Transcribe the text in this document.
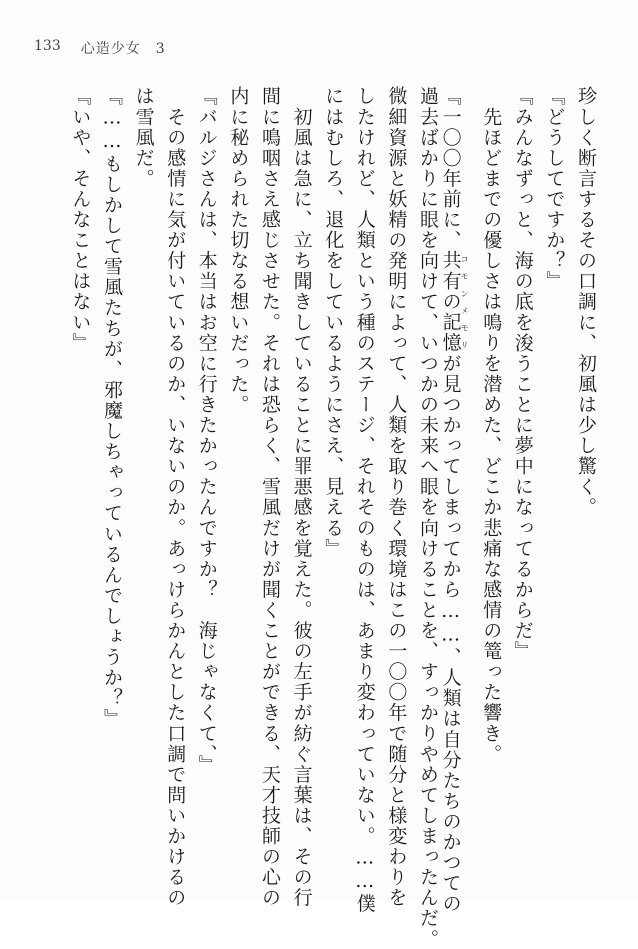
133 心造少女　3
珍しく断言するその口調に、初風は少し驚く。
『どうしてですか？』
『みんなずっと、海の底を浚うことに夢中になってるからだ』
　先ほどまでの優しさは鳴りを潜めた、どこか悲痛な感情の篭った響き。
『一〇〇年前に、共有の記憶コモンメモリが見つかってしまってから……、人類は自分たちのかつての
過去ばかりに眼を向けて、いつかの未来へ眼を向けることを、すっかりやめてしまったんだ。
微細資源と妖精の発明によって、人類を取り巻く環境はこの一〇〇年で随分と様変わりを
したけれど、人類という種のステージ、それそのものは、あまり変わっていない。……僕
にはむしろ、退化をしているようにさえ、見える』
　初風は急に、立ち聞きしていることに罪悪感を覚えた。彼の左手が紡ぐ言葉は、その行
間に鳴咽さえ感じさせた。それは恐らく、雪風だけが聞くことができる、天才技師の心の
内に秘められた切なる想いだった。
『バルジさんは、本当はお空に行きたかったんですか？　海じゃなくて、』
　その感情に気が付いているのか、いないのか。あっけらかんとした口調で問いかけるの
は雪風だ。
『……もしかして雪風たちが、邪魔しちゃっているんでしょうか？』
『いや、そんなことはない』
